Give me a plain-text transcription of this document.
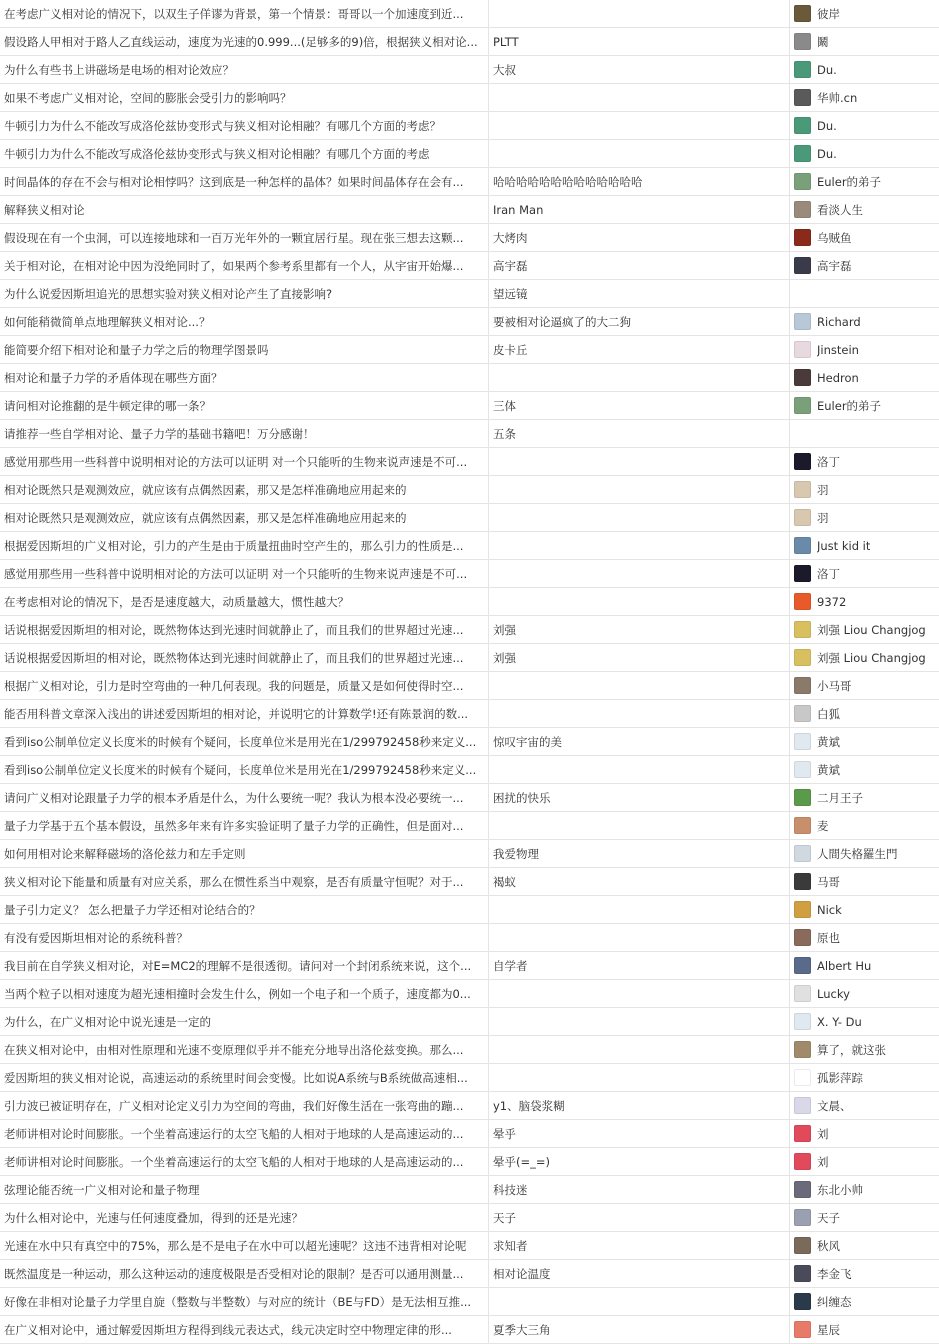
在考虑广义相对论的情况下，以双生子佯谬为背景，第一个情景：哥哥以一个加速度到近...		彼岸

假设路人甲相对于路人乙直线运动，速度为光速的0.999...(足够多的9)倍，根据狭义相对论...	PLTT	鬫

为什么有些书上讲磁场是电场的相对论效应？	大叔	Du.

如果不考虑广义相对论，空间的膨胀会受引力的影响吗？		华帅.cn

牛顿引力为什么不能改写成洛伦兹协变形式与狭义相对论相融？有哪几个方面的考虑？		Du.

牛顿引力为什么不能改写成洛伦兹协变形式与狭义相对论相融？有哪几个方面的考虑		Du.

时间晶体的存在不会与相对论相悖吗？这到底是一种怎样的晶体？如果时间晶体存在会有...	哈哈哈哈哈哈哈哈哈哈哈哈哈	Euler的弟子

解释狭义相对论	Iran Man	看淡人生

假设现在有一个虫洞，可以连接地球和一百万光年外的一颗宜居行星。现在张三想去这颗...	大烤肉	乌贼鱼

关于相对论，在相对论中因为没绝同时了，如果两个参考系里都有一个人，从宇宙开始爆...	高宇磊	高宇磊

为什么说爱因斯坦追光的思想实验对狭义相对论产生了直接影响?	望远镜	
如何能稍微简单点地理解狭义相对论...？	要被相对论逼疯了的大二狗	Richard

能简要介绍下相对论和量子力学之后的物理学图景吗	皮卡丘	Jinstein

相对论和量子力学的矛盾体现在哪些方面？		Hedron

请问相对论推翻的是牛顿定律的哪一条？	三体	Euler的弟子

请推荐一些自学相对论、量子力学的基础书籍吧！万分感谢！	五条	
感觉用那些用一些科普中说明相对论的方法可以证明 对一个只能听的生物来说声速是不可...		洛丁

相对论既然只是观测效应，就应该有点偶然因素，那又是怎样准确地应用起来的		羽

相对论既然只是观测效应，就应该有点偶然因素，那又是怎样准确地应用起来的		羽

根据爱因斯坦的广义相对论，引力的产生是由于质量扭曲时空产生的，那么引力的性质是...		Just kid it

感觉用那些用一些科普中说明相对论的方法可以证明 对一个只能听的生物来说声速是不可...		洛丁

在考虑相对论的情况下，是否是速度越大，动质量越大，惯性越大？		9372

话说根据爱因斯坦的相对论，既然物体达到光速时间就静止了，而且我们的世界超过光速...	刘强	刘强 Liou Changjog

话说根据爱因斯坦的相对论，既然物体达到光速时间就静止了，而且我们的世界超过光速...	刘强	刘强 Liou Changjog

根据广义相对论，引力是时空弯曲的一种几何表现。我的问题是，质量又是如何使得时空...		小马哥

能否用科普文章深入浅出的讲述爱因斯坦的相对论，并说明它的计算数学!还有陈景润的数...		白狐

看到iso公制单位定义长度米的时候有个疑问，长度单位米是用光在1/299792458秒来定义...	惊叹宇宙的美	黄斌

看到iso公制单位定义长度米的时候有个疑问，长度单位米是用光在1/299792458秒来定义...		黄斌

请问广义相对论跟量子力学的根本矛盾是什么，为什么要统一呢？我认为根本没必要统一...	困扰的快乐	二月王子

量子力学基于五个基本假设，虽然多年来有许多实验证明了量子力学的正确性，但是面对...		麦

如何用相对论来解释磁场的洛伦兹力和左手定则	我爱物理	人間失格羅生門

狭义相对论下能量和质量有对应关系，那么在惯性系当中观察，是否有质量守恒呢？对于...	褐蚁	马哥

量子引力定义？ 怎么把量子力学还相对论结合的？		Nick

有没有爱因斯坦相对论的系统科普？		原也

我目前在自学狭义相对论，对E=MC2的理解不是很透彻。请问对一个封闭系统来说，这个...	自学者	Albert Hu

当两个粒子以相对速度为超光速相撞时会发生什么，例如一个电子和一个质子，速度都为0...		Lucky

为什么，在广义相对论中说光速是一定的		X. Y- Du

在狭义相对论中，由相对性原理和光速不变原理似乎并不能充分地导出洛伦兹变换。那么...		算了，就这张

爱因斯坦的狭义相对论说，高速运动的系统里时间会变慢。比如说A系统与B系统做高速相...		孤影萍踪

引力波已被证明存在，广义相对论定义引力为空间的弯曲，我们好像生活在一张弯曲的蹦...	y1、脑袋浆糊	文晨、

老师讲相对论时间膨胀。一个坐着高速运行的太空飞船的人相对于地球的人是高速运动的...	晕乎	刘

老师讲相对论时间膨胀。一个坐着高速运行的太空飞船的人相对于地球的人是高速运动的...	晕乎(=_=)	刘

弦理论能否统一广义相对论和量子物理	科技迷	东北小帅

为什么相对论中，光速与任何速度叠加，得到的还是光速？	天子	天子

光速在水中只有真空中的75%，那么是不是电子在水中可以超光速呢？这违不违背相对论呢	求知者	秋风

既然温度是一种运动，那么这种运动的速度极限是否受相对论的限制？是否可以通用测量...	相对论温度	李金飞

好像在非相对论量子力学里自旋（整数与半整数）与对应的统计（BE与FD）是无法相互推...		纠缠态

在广义相对论中，通过解爱因斯坦方程得到线元表达式，线元决定时空中物理定律的形...	夏季大三角	星辰
